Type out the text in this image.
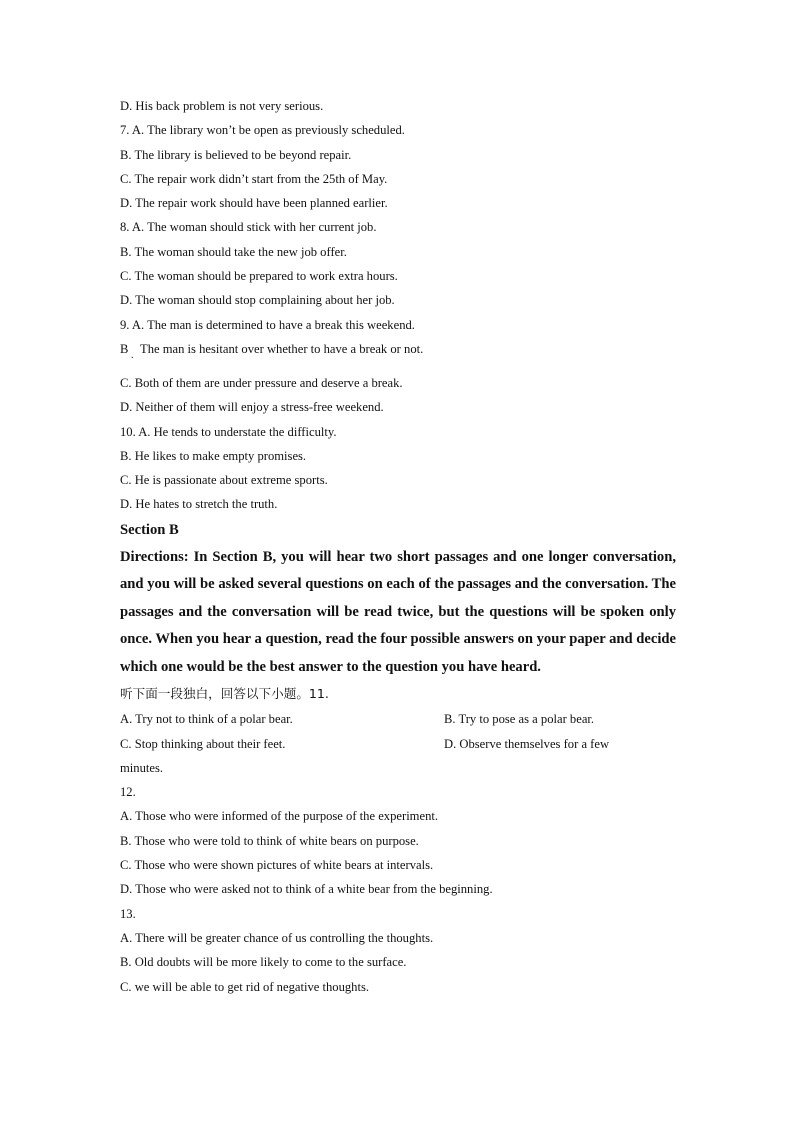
D. His back problem is not very serious.
7. A. The library won’t be open as previously scheduled.
B. The library is believed to be beyond repair.
C. The repair work didn’t start from the 25th of May.
D. The repair work should have been planned earlier.
8. A. The woman should stick with her current job.
B. The woman should take the new job offer.
C. The woman should be prepared to work extra hours.
D. The woman should stop complaining about her job.
9. A. The man is determined to have a break this weekend.
B . The man is hesitant over whether to have a break or not.
C. Both of them are under pressure and deserve a break.
D. Neither of them will enjoy a stress-free weekend.
10. A. He tends to understate the difficulty.
B. He likes to make empty promises.
C. He is passionate about extreme sports.
D. He hates to stretch the truth.
Section B

Directions: In Section B, you will hear two short passages and one longer conversation, and you will be asked several questions on each of the passages and the conversation. The passages and the conversation will be read twice, but the questions will be spoken only once. When you hear a question, read the four possible answers on your paper and decide which one would be the best answer to the question you have heard.

听下面一段独白，回答以下小题。11.
A. Try not to think of a polar bear.	B. Try to pose as a polar bear.
C. Stop thinking about their feet.	D. Observe themselves for a few
minutes.
12.
A. Those who were informed of the purpose of the experiment.
B. Those who were told to think of white bears on purpose.
C. Those who were shown pictures of white bears at intervals.
D. Those who were asked not to think of a white bear from the beginning.
13.
A. There will be greater chance of us controlling the thoughts.
B. Old doubts will be more likely to come to the surface.
C. we will be able to get rid of negative thoughts.
